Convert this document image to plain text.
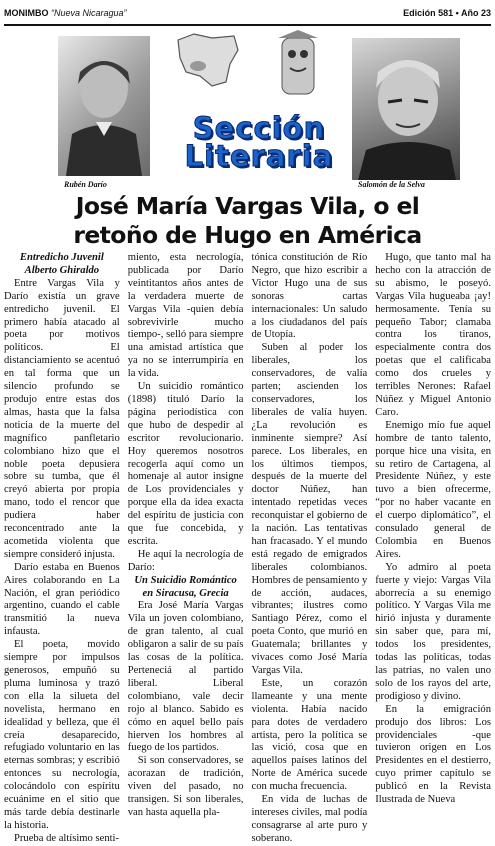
MONIMBO “Nueva Nicaragua”	Edición 581 • Año 23
Sección
Literaria
Rubén Darío	Salomón de la Selva
José María Vargas Vila, o el
retoño de Hugo en América

Entredicho Juvenil

Alberto Ghiraldo

Entre Vargas Vila y Darío existía un grave entredicho juvenil. El primero había atacado al poeta por motivos políticos. El distanciamiento se acentuó en tal forma que un silencio profundo se produjo entre estas dos almas, hasta que la falsa noticia de la muerte del magnífico panfletario colombiano hizo que el noble poeta depusiera sobre su tumba, que él creyó abierta por propia mano, todo el rencor que pudiera haber reconcentrado ante la acometida violenta que siempre consideró injusta.

Darío estaba en Buenos Aires colaborando en La Nación, el gran periódico argentino, cuando el cable transmitió la nueva infausta.

El poeta, movido siempre por impulsos generosos, empuñó su pluma luminosa y trazó con ella la silueta del novelista, hermano en idealidad y belleza, que él creía desaparecido, refugiado voluntario en las eternas sombras; y escribió entonces su necrología, colocándolo con espíritu ecuánime en el sitio que más tarde debía destinarle la historia.

Prueba de altísimo senti-

miento, esta necrología, publicada por Darío veintitantos años antes de la verdadera muerte de Vargas Vila -quien debía sobrevivirle mucho tiempo-, selló para siempre una amistad artística que ya no se interrumpiría en la vida.

Un suicidio romántico (1898) tituló Darío la página periodística con que hubo de despedir al escritor revolucionario. Hoy queremos nosotros recogerla aquí como un homenaje al autor insigne de Los providenciales y porque ella da idea exacta del espíritu de justicia con que fue concebida, y escrita.

He aquí la necrología de Darío:

Un Suicidio Romántico

en Siracusa, Grecia

Era José María Vargas Vila un joven colombiano, de gran talento, al cual obligaron a salir de su país las cosas de la política. Perteneciá al partido liberal. Liberal colombiano, vale decir rojo al blanco. Sabido es cómo en aquel bello país hierven los hombres al fuego de los partidos.

Si son conservadores, se acorazan de tradición, viven del pasado, no transigen. Si son liberales, van hasta aquella pla-

tónica constitución de Río Negro, que hizo escribir a Victor Hugo una de sus sonoras cartas internacionales: Un saludo a los ciudadanos del país de Utopía.

Suben al poder los liberales, los conservadores, de valía parten; ascienden los conservadores, los liberales de valía huyen. ¿La revolución es inminente siempre? Así parece. Los liberales, en los últimos tiempos, después de la muerte del doctor Núñez, han intentado repetidas veces reconquistar el gobierno de la nación. Las tentativas han fracasado. Y el mundo está regado de emigrados liberales colombianos. Hombres de pensamiento y de acción, audaces, vibrantes; ilustres como Santiago Pérez, como el poeta Conto, que murió en Guatemala; brillantes y vivaces como José María Vargas Vila.

Este, un corazón llameante y una mente violenta. Había nacido para dotes de verdadero artista, pero la política se las vició, cosa que en aquellos países latinos del Norte de América sucede con mucha frecuencia.

En vida de luchas de intereses civiles, mal podía consagrarse al arte puro y soberano.

Hugo, que tanto mal ha hecho con la atracción de su abismo, le poseyó. Vargas Vila hugueaba ¡ay! hermosamente. Tenía su pequeño Tabor; clamaba contra los tiranos, especialmente contra dos poetas que el calificaba como dos crueles y terribles Nerones: Rafael Núñez y Miguel Antonio Caro.

Enemigo mío fue aquel hombre de tanto talento, porque hice una visita, en su retiro de Cartagena, al Presidente Núñez, y este tuvo a bien ofrecerme, “por no haber vacante en el cuerpo diplomático”, el consulado general de Colombia en Buenos Aires.

Yo admiro al poeta fuerte y viejo: Vargas Vila aborrecía a su enemigo político. Y Vargas Vila me hirió injusta y duramente sin saber que, para mí, todos los presidentes, todas las políticas, todas las patrias, no valen uno solo de los rayos del arte, prodigioso y divino.

En la emigración produjo dos libros: Los providenciales -que tuvieron origen en Los Presidentes en el destierro, cuyo primer capítulo se publicó en la Revista Ilustrada de Nueva
